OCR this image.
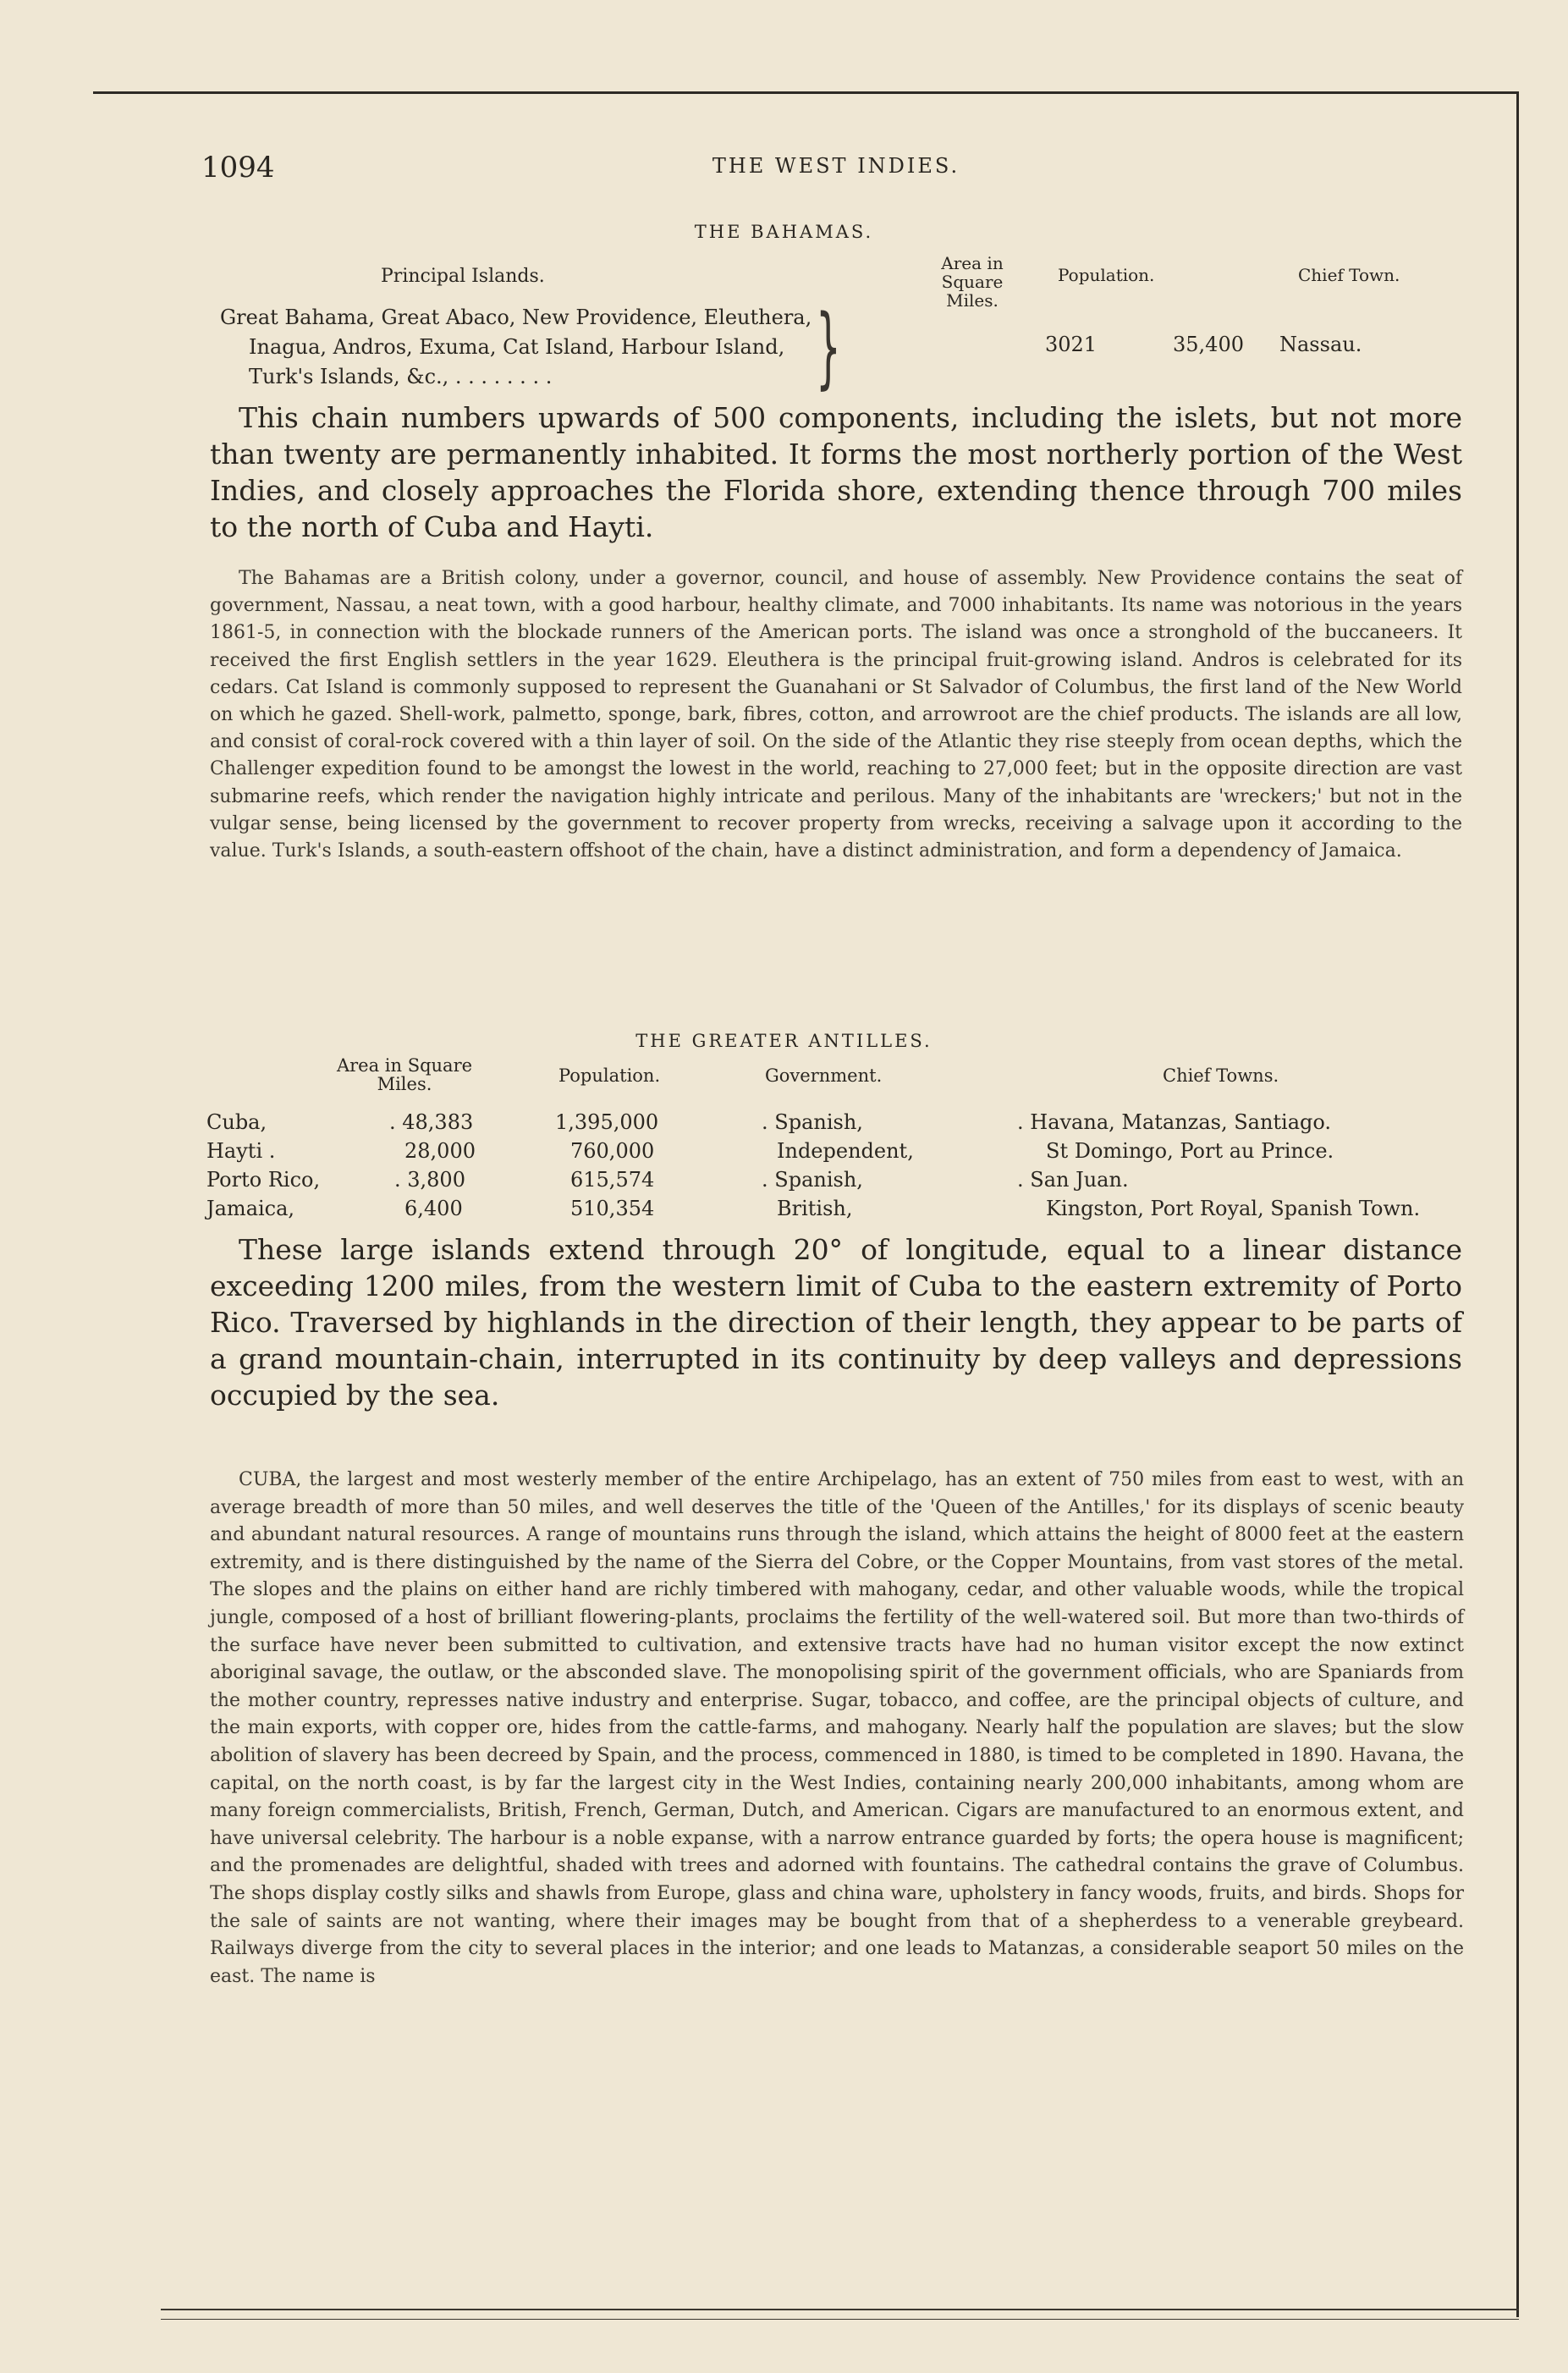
1094	THE WEST INDIES.
THE BAHAMAS.
Principal Islands.
Area in Square Miles.
Population.	Chief Town.
Great Bahama, Great Abaco, New Providence, Eleuthera,
Inagua, Andros, Exuma, Cat Island, Harbour Island,
Turk's Islands, &c., . . . . . . . .	}	3021	35,400 Nassau.

This chain numbers upwards of 500 components, including the islets, but not more than twenty are permanently inhabited. It forms the most northerly portion of the West Indies, and closely approaches the Florida shore, extending thence through 700 miles to the north of Cuba and Hayti.

The Bahamas are a British colony, under a governor, council, and house of assembly. New Providence contains the seat of government, Nassau, a neat town, with a good harbour, healthy climate, and 7000 inhabitants. Its name was notorious in the years 1861-5, in connection with the blockade runners of the American ports. The island was once a stronghold of the buccaneers. It received the first English settlers in the year 1629. Eleuthera is the principal fruit-growing island. Andros is celebrated for its cedars. Cat Island is commonly supposed to represent the Guanahani or St Salvador of Columbus, the first land of the New World on which he gazed. Shell-work, palmetto, sponge, bark, fibres, cotton, and arrowroot are the chief products. The islands are all low, and consist of coral-rock covered with a thin layer of soil. On the side of the Atlantic they rise steeply from ocean depths, which the Challenger expedition found to be amongst the lowest in the world, reaching to 27,000 feet; but in the opposite direction are vast submarine reefs, which render the navigation highly intricate and perilous. Many of the inhabitants are 'wreckers;' but not in the vulgar sense, being licensed by the government to recover property from wrecks, receiving a salvage upon it according to the value. Turk's Islands, a south-eastern offshoot of the chain, have a distinct administration, and form a dependency of Jamaica.

THE GREATER ANTILLES.
Area in Square Miles.	Population.	Government.	Chief Towns.
Cuba,	. 48,383	1,395,000	. Spanish,	. Havana, Matanzas, Santiago.
Hayti .	28,000	760,000	Independent,	St Domingo, Port au Prince.
Porto Rico,	. 3,800	615,574	. Spanish,	. San Juan.
Jamaica,	6,400	510,354	British,	Kingston, Port Royal, Spanish Town.

These large islands extend through 20° of longitude, equal to a linear distance exceeding 1200 miles, from the western limit of Cuba to the eastern extremity of Porto Rico. Traversed by highlands in the direction of their length, they appear to be parts of a grand mountain-chain, interrupted in its continuity by deep valleys and depressions occupied by the sea.

CUBA, the largest and most westerly member of the entire Archipelago, has an extent of 750 miles from east to west, with an average breadth of more than 50 miles, and well deserves the title of the 'Queen of the Antilles,' for its displays of scenic beauty and abundant natural resources. A range of mountains runs through the island, which attains the height of 8000 feet at the eastern extremity, and is there distinguished by the name of the Sierra del Cobre, or the Copper Mountains, from vast stores of the metal. The slopes and the plains on either hand are richly timbered with mahogany, cedar, and other valuable woods, while the tropical jungle, composed of a host of brilliant flowering-plants, proclaims the fertility of the well-watered soil. But more than two-thirds of the surface have never been submitted to cultivation, and extensive tracts have had no human visitor except the now extinct aboriginal savage, the outlaw, or the absconded slave. The monopolising spirit of the government officials, who are Spaniards from the mother country, represses native industry and enterprise. Sugar, tobacco, and coffee, are the principal objects of culture, and the main exports, with copper ore, hides from the cattle-farms, and mahogany. Nearly half the population are slaves; but the slow abolition of slavery has been decreed by Spain, and the process, commenced in 1880, is timed to be completed in 1890. Havana, the capital, on the north coast, is by far the largest city in the West Indies, containing nearly 200,000 inhabitants, among whom are many foreign commercialists, British, French, German, Dutch, and American. Cigars are manufactured to an enormous extent, and have universal celebrity. The harbour is a noble expanse, with a narrow entrance guarded by forts; the opera house is magnificent; and the promenades are delightful, shaded with trees and adorned with fountains. The cathedral contains the grave of Columbus. The shops display costly silks and shawls from Europe, glass and china ware, upholstery in fancy woods, fruits, and birds. Shops for the sale of saints are not wanting, where their images may be bought from that of a shepherdess to a venerable greybeard. Railways diverge from the city to several places in the interior; and one leads to Matanzas, a considerable seaport 50 miles on the east. The name is
